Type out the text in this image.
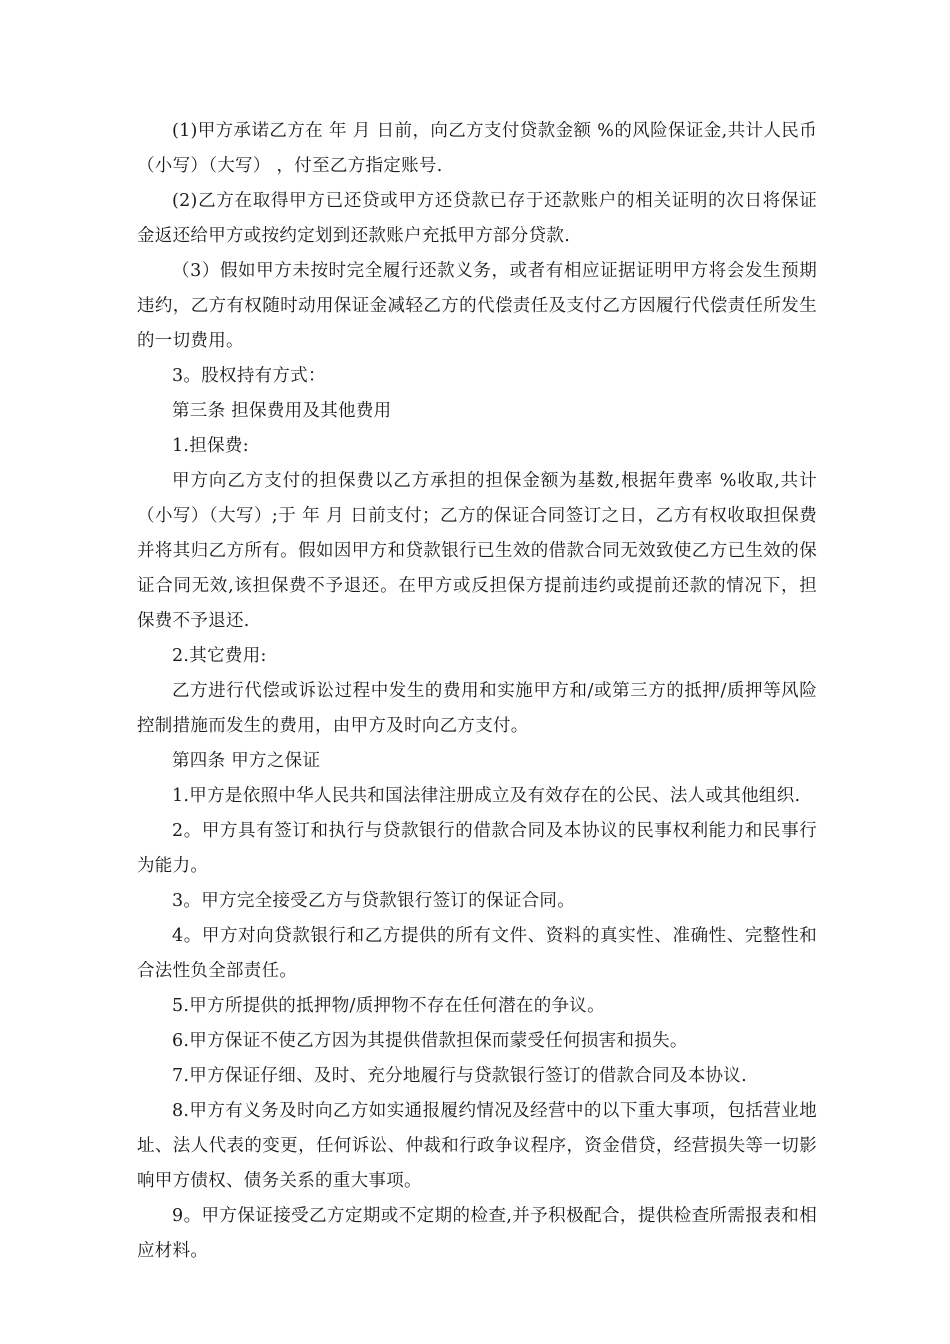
(1)甲方承诺乙方在 年 月 日前，向乙方支付贷款金额 %的风险保证金,共计人民币（小写）（大写） ，付至乙方指定账号.

(2)乙方在取得甲方已还贷或甲方还贷款已存于还款账户的相关证明的次日将保证金返还给甲方或按约定划到还款账户充抵甲方部分贷款.

（3）假如甲方未按时完全履行还款义务，或者有相应证据证明甲方将会发生预期违约，乙方有权随时动用保证金减轻乙方的代偿责任及支付乙方因履行代偿责任所发生的一切费用。

3。股权持有方式：

第三条 担保费用及其他费用

1.担保费:

甲方向乙方支付的担保费以乙方承担的担保金额为基数,根据年费率 %收取,共计（小写）（大写）;于 年 月 日前支付；乙方的保证合同签订之日，乙方有权收取担保费并将其归乙方所有。假如因甲方和贷款银行已生效的借款合同无效致使乙方已生效的保证合同无效,该担保费不予退还。在甲方或反担保方提前违约或提前还款的情况下，担保费不予退还.

2.其它费用:

乙方进行代偿或诉讼过程中发生的费用和实施甲方和/或第三方的抵押/质押等风险控制措施而发生的费用，由甲方及时向乙方支付。

第四条 甲方之保证

1.甲方是依照中华人民共和国法律注册成立及有效存在的公民、法人或其他组织.

2。甲方具有签订和执行与贷款银行的借款合同及本协议的民事权利能力和民事行为能力。

3。甲方完全接受乙方与贷款银行签订的保证合同。

4。甲方对向贷款银行和乙方提供的所有文件、资料的真实性、准确性、完整性和合法性负全部责任。

5.甲方所提供的抵押物/质押物不存在任何潜在的争议。

6.甲方保证不使乙方因为其提供借款担保而蒙受任何损害和损失。

7.甲方保证仔细、及时、充分地履行与贷款银行签订的借款合同及本协议.

8.甲方有义务及时向乙方如实通报履约情况及经营中的以下重大事项，包括营业地址、法人代表的变更，任何诉讼、仲裁和行政争议程序，资金借贷，经营损失等一切影响甲方债权、债务关系的重大事项。

9。甲方保证接受乙方定期或不定期的检查,并予积极配合，提供检查所需报表和相应材料。
